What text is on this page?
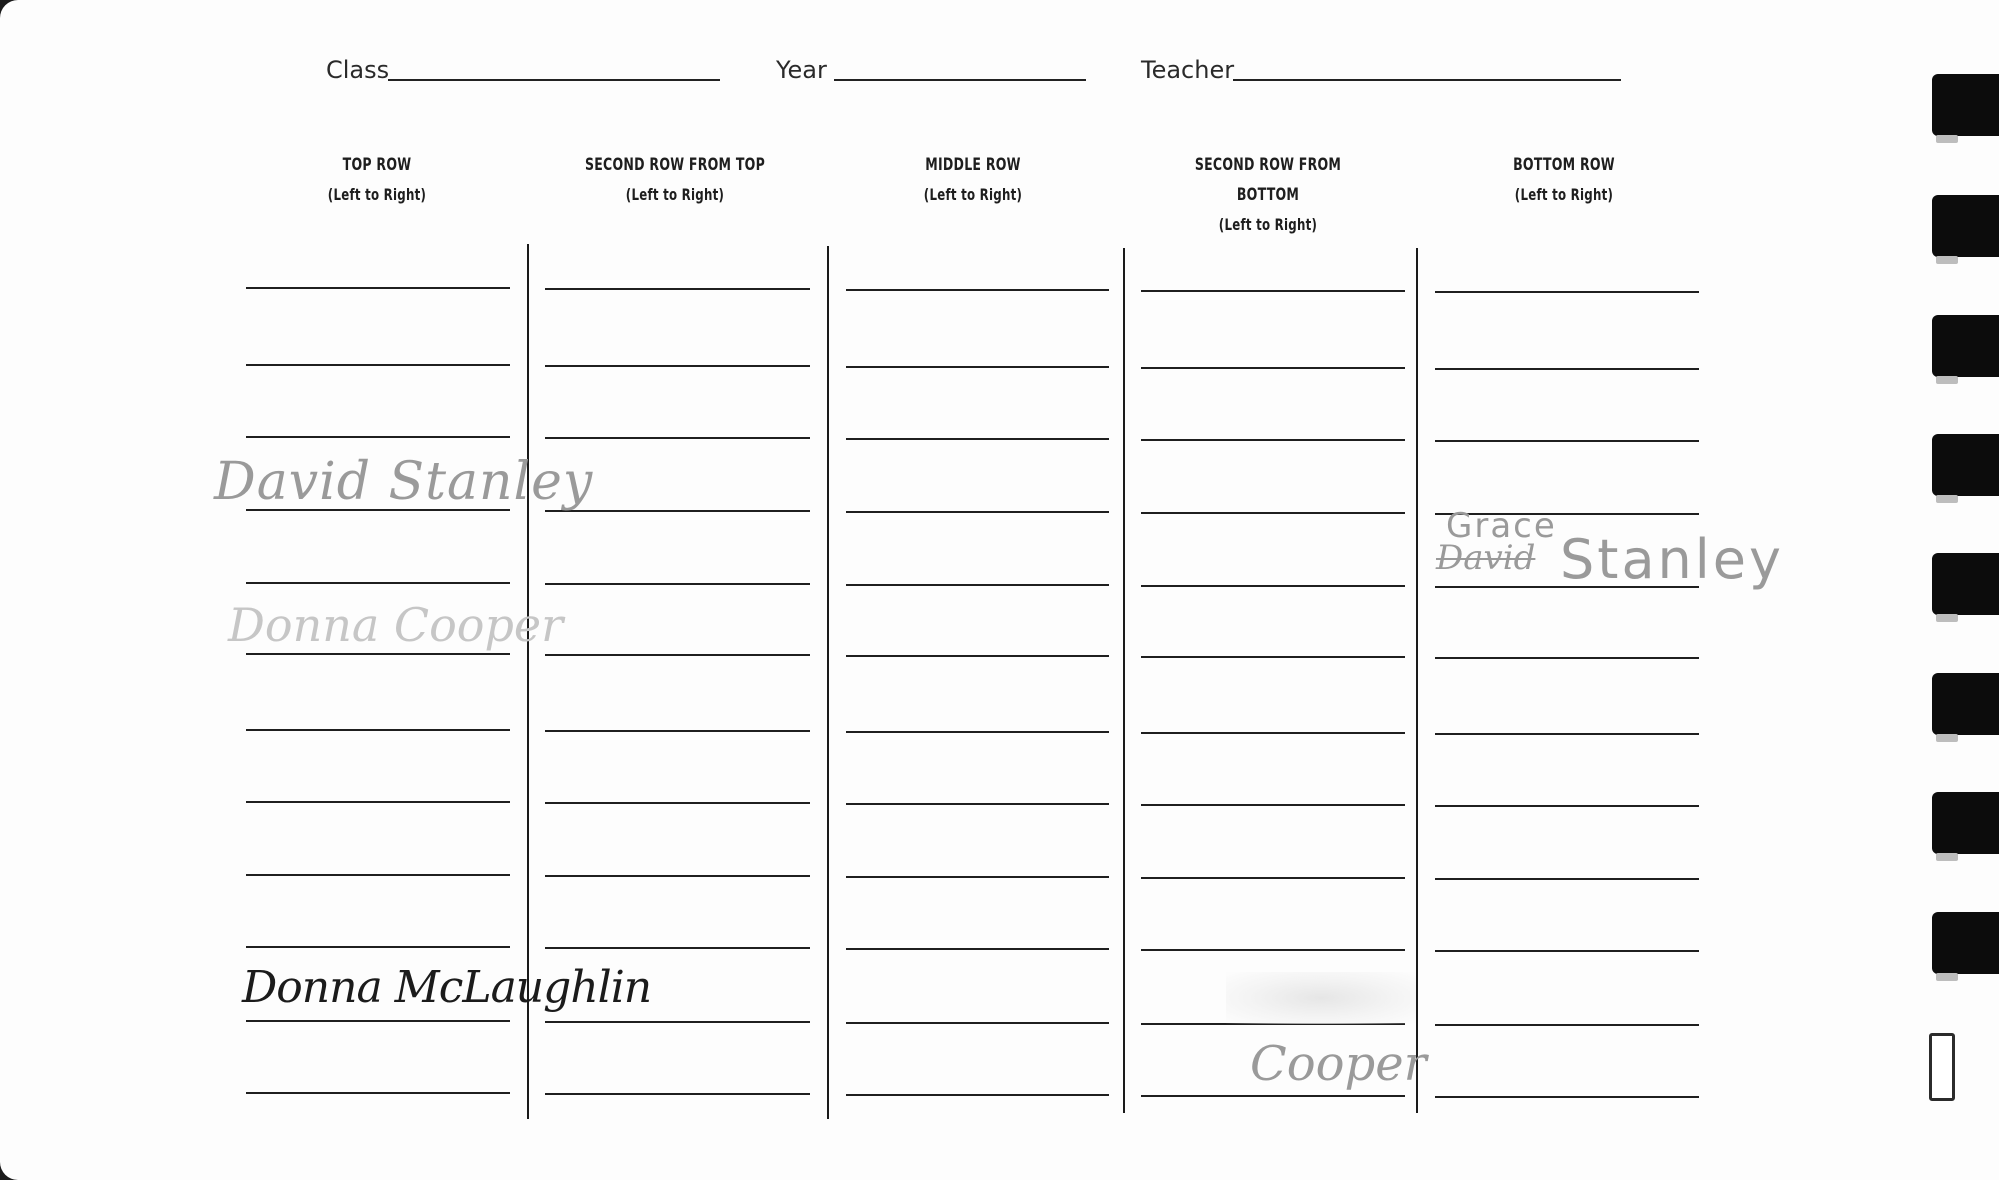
Class	Year	Teacher
TOP ROW
(Left to Right)
SECOND ROW FROM TOP
(Left to Right)
MIDDLE ROW
(Left to Right)
SECOND ROW FROM BOTTOM
(Left to Right)
BOTTOM ROW
(Left to Right)
David Stanley
Donna Cooper
Donna McLaughlin
Grace
David Stanley
Cooper
